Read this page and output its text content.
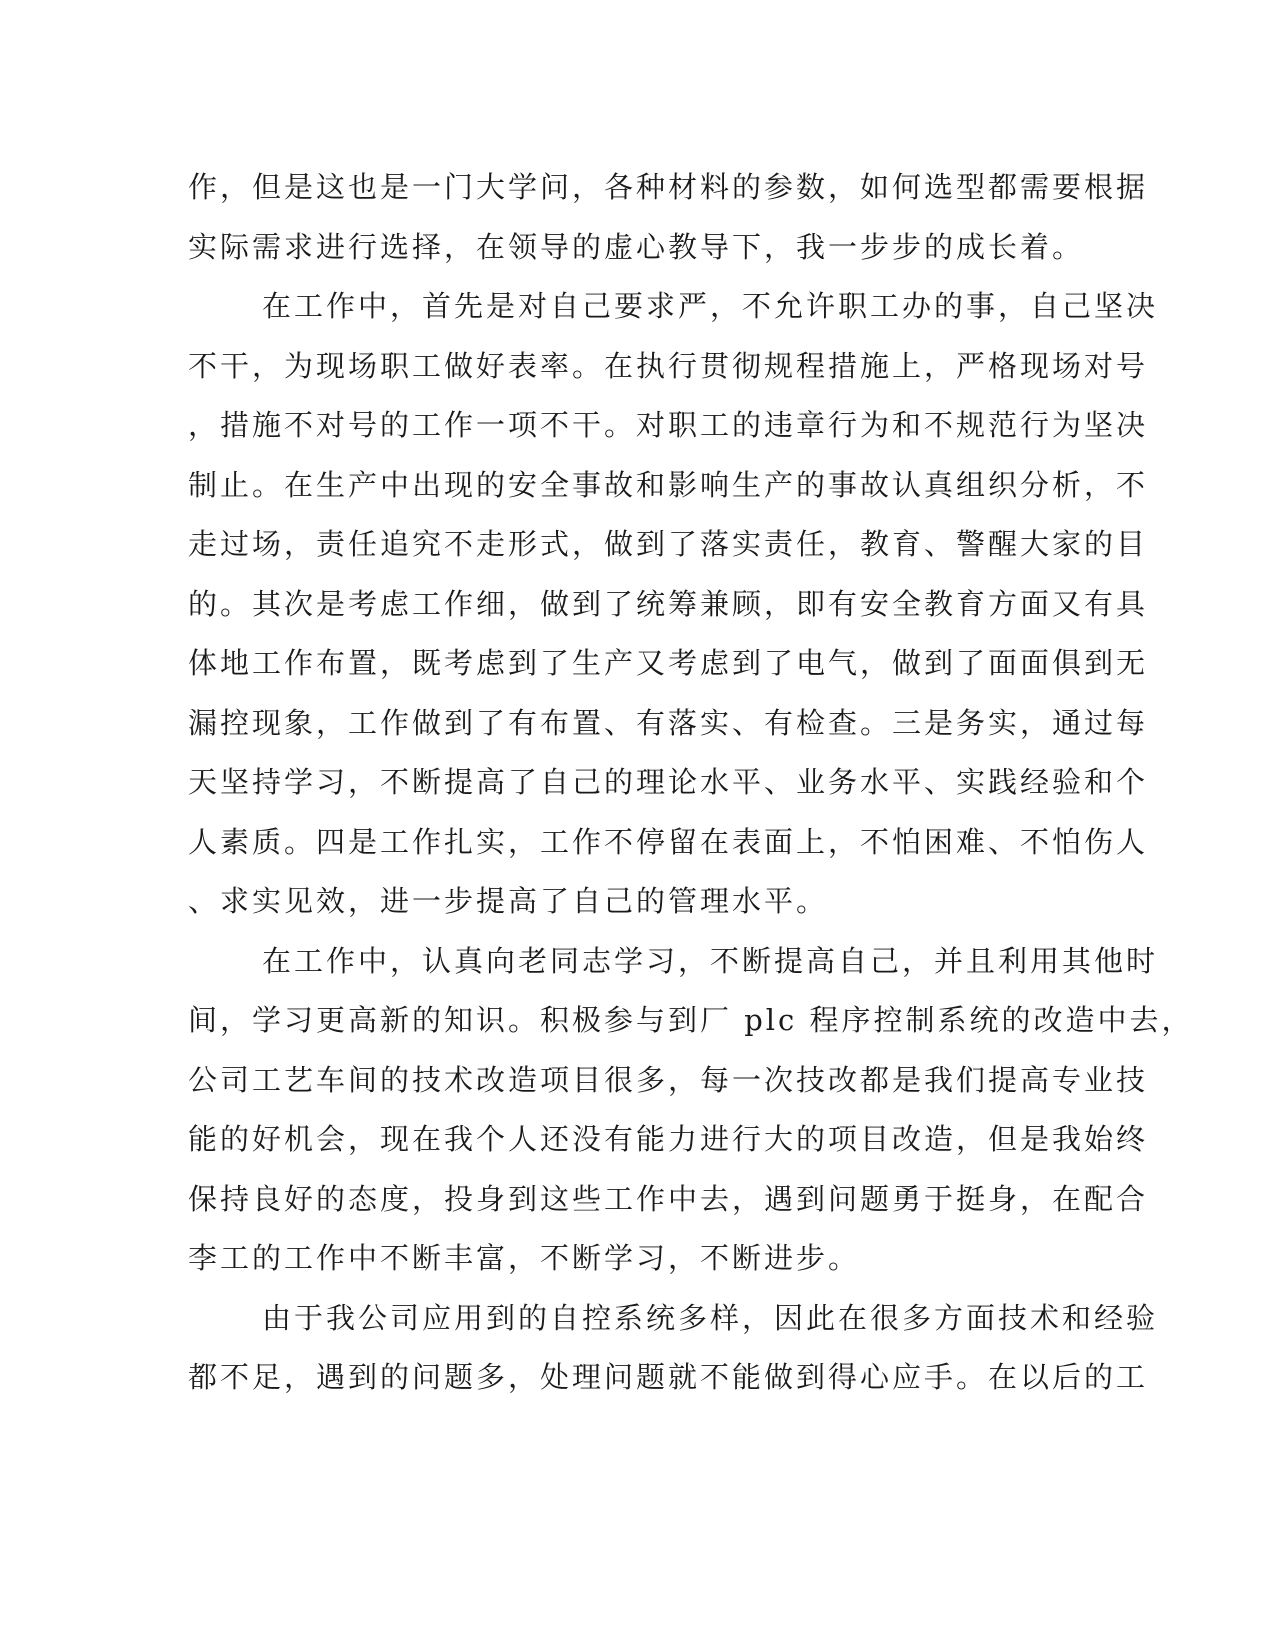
作，但是这也是一门大学问，各种材料的参数，如何选型都需要根据
实际需求进行选择，在领导的虚心教导下，我一步步的成长着。
在工作中，首先是对自己要求严，不允许职工办的事，自己坚决
不干，为现场职工做好表率。在执行贯彻规程措施上，严格现场对号
，措施不对号的工作一项不干。对职工的违章行为和不规范行为坚决
制止。在生产中出现的安全事故和影响生产的事故认真组织分析，不
走过场，责任追究不走形式，做到了落实责任，教育、警醒大家的目
的。其次是考虑工作细，做到了统筹兼顾，即有安全教育方面又有具
体地工作布置，既考虑到了生产又考虑到了电气，做到了面面俱到无
漏控现象，工作做到了有布置、有落实、有检查。三是务实，通过每
天坚持学习，不断提高了自己的理论水平、业务水平、实践经验和个
人素质。四是工作扎实，工作不停留在表面上，不怕困难、不怕伤人
、求实见效，进一步提高了自己的管理水平。
在工作中，认真向老同志学习，不断提高自己，并且利用其他时
间，学习更高新的知识。积极参与到厂 plc 程序控制系统的改造中去，
公司工艺车间的技术改造项目很多，每一次技改都是我们提高专业技
能的好机会，现在我个人还没有能力进行大的项目改造，但是我始终
保持良好的态度，投身到这些工作中去，遇到问题勇于挺身，在配合
李工的工作中不断丰富，不断学习，不断进步。
由于我公司应用到的自控系统多样，因此在很多方面技术和经验
都不足，遇到的问题多，处理问题就不能做到得心应手。在以后的工
